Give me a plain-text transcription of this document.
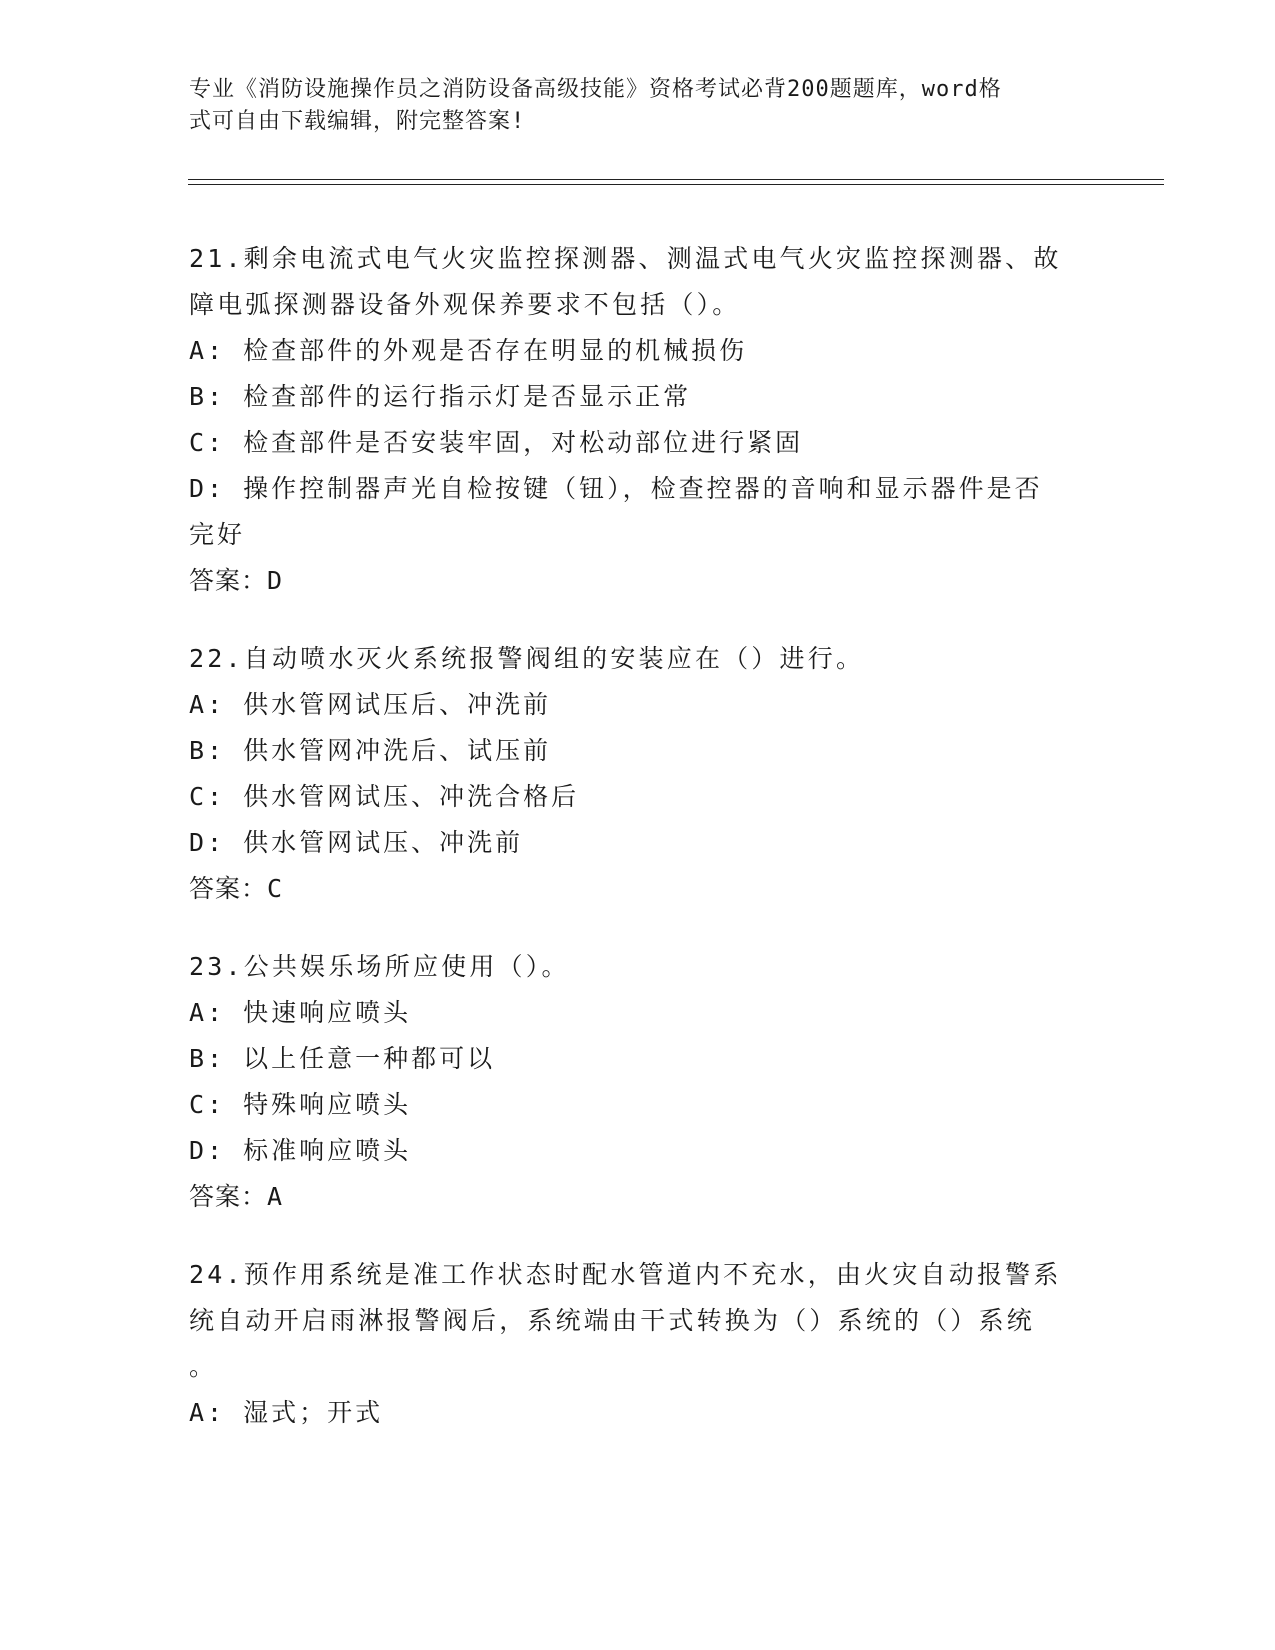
专业《消防设施操作员之消防设备高级技能》资格考试必背200题题库，word格
式可自由下载编辑，附完整答案!

21.剩余电流式电气火灾监控探测器、测温式电气火灾监控探测器、故

障电弧探测器设备外观保养要求不包括（）。

A: 检查部件的外观是否存在明显的机械损伤

B: 检查部件的运行指示灯是否显示正常

C: 检查部件是否安装牢固，对松动部位进行紧固

D: 操作控制器声光自检按键（钮），检查控器的音响和显示器件是否

完好

答案：D

22.自动喷水灭火系统报警阀组的安装应在（）进行。

A: 供水管网试压后、冲洗前

B: 供水管网冲洗后、试压前

C: 供水管网试压、冲洗合格后

D: 供水管网试压、冲洗前

答案：C

23.公共娱乐场所应使用（）。

A: 快速响应喷头

B: 以上任意一种都可以

C: 特殊响应喷头

D: 标准响应喷头

答案：A

24.预作用系统是准工作状态时配水管道内不充水，由火灾自动报警系

统自动开启雨淋报警阀后，系统端由干式转换为（）系统的（）系统

。

A: 湿式；开式
